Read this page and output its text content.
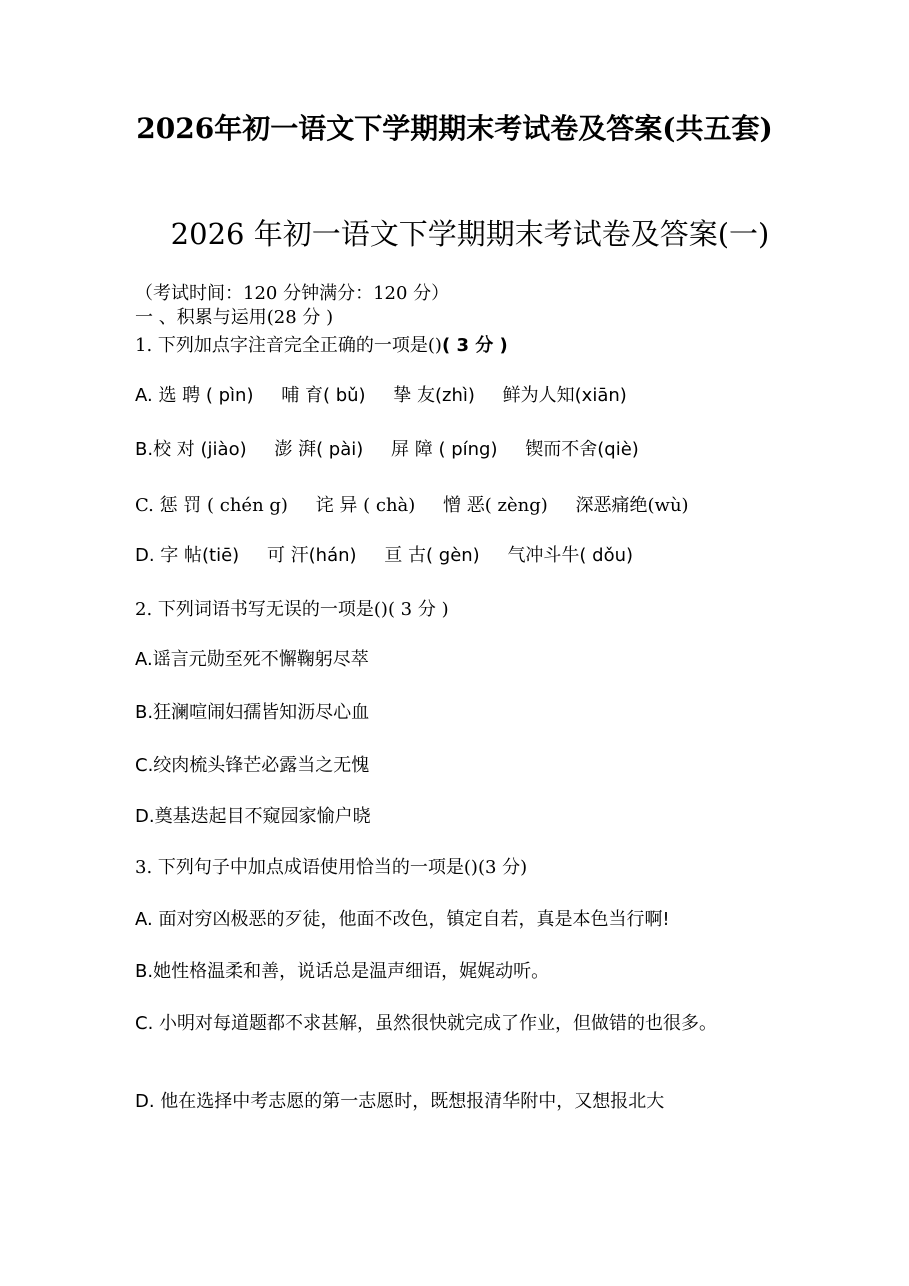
2026年初一语文下学期期末考试卷及答案(共五套)
2026 年初一语文下学期期末考试卷及答案(一)
（考试时间：120 分钟满分：120 分）
一 、积累与运用(28 分 )
1. 下列加点字注音完全正确的一项是()( 3 分 )
A. 选 聘 ( pìn) 哺 育( bǔ) 挚 友(zhì) 鲜为人知(xiān)
B.校 对 (jiào) 澎 湃( pài) 屏 障 ( píng) 锲而不舍(qiè)
C. 惩 罚 ( chén g) 诧 异 ( chà) 憎 恶( zèng) 深恶痛绝(wù)
D. 字 帖(tiē) 可 汗(hán) 亘 古( gèn) 气冲斗牛( dǒu)
2. 下列词语书写无误的一项是()( 3 分 )
A.谣言元勋至死不懈鞠躬尽萃
B.狂澜喧闹妇孺皆知沥尽心血
C.绞肉梳头锋芒必露当之无愧
D.奠基迭起目不窥园家愉户晓
3. 下列句子中加点成语使用恰当的一项是()(3 分)
A. 面对穷凶极恶的歹徒，他面不改色，镇定自若，真是本色当行啊!
B.她性格温柔和善，说话总是温声细语，娓娓动听。
C. 小明对每道题都不求甚解，虽然很快就完成了作业，但做错的也很多。
D. 他在选择中考志愿的第一志愿时，既想报清华附中，又想报北大
